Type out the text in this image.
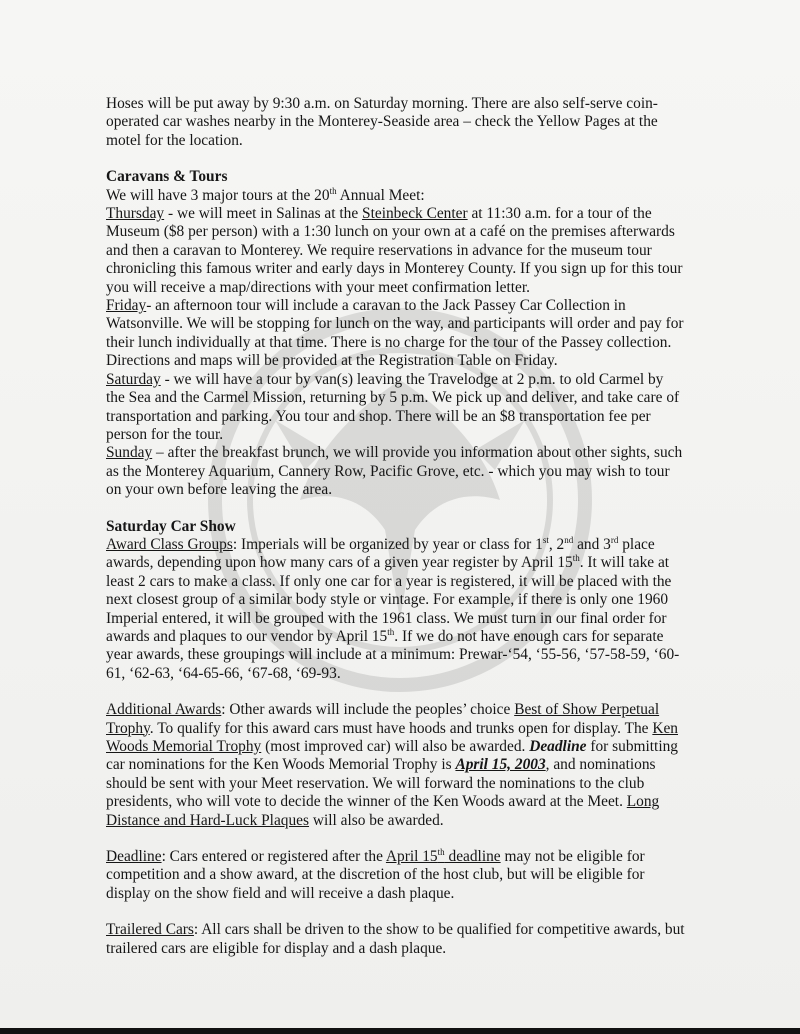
Hoses will be put away by 9:30 a.m. on Saturday morning. There are also self-serve coin-operated car washes nearby in the Monterey-Seaside area – check the Yellow Pages at the motel for the location.

Caravans & Tours

We will have 3 major tours at the 20th Annual Meet:

Thursday - we will meet in Salinas at the Steinbeck Center at 11:30 a.m. for a tour of the Museum ($8 per person) with a 1:30 lunch on your own at a café on the premises afterwards and then a caravan to Monterey. We require reservations in advance for the museum tour chronicling this famous writer and early days in Monterey County. If you sign up for this tour you will receive a map/directions with your meet confirmation letter.

Friday- an afternoon tour will include a caravan to the Jack Passey Car Collection in Watsonville. We will be stopping for lunch on the way, and participants will order and pay for their lunch individually at that time. There is no charge for the tour of the Passey collection. Directions and maps will be provided at the Registration Table on Friday.

Saturday - we will have a tour by van(s) leaving the Travelodge at 2 p.m. to old Carmel by the Sea and the Carmel Mission, returning by 5 p.m. We pick up and deliver, and take care of transportation and parking. You tour and shop. There will be an $8 transportation fee per person for the tour.

Sunday – after the breakfast brunch, we will provide you information about other sights, such as the Monterey Aquarium, Cannery Row, Pacific Grove, etc. - which you may wish to tour on your own before leaving the area.

Saturday Car Show

Award Class Groups: Imperials will be organized by year or class for 1st, 2nd and 3rd place awards, depending upon how many cars of a given year register by April 15th. It will take at least 2 cars to make a class. If only one car for a year is registered, it will be placed with the next closest group of a similar body style or vintage. For example, if there is only one 1960 Imperial entered, it will be grouped with the 1961 class. We must turn in our final order for awards and plaques to our vendor by April 15th. If we do not have enough cars for separate year awards, these groupings will include at a minimum: Prewar-‘54, ‘55-56, ‘57-58-59, ‘60-61, ‘62-63, ‘64-65-66, ‘67-68, ‘69-93.

Additional Awards: Other awards will include the peoples’ choice Best of Show Perpetual Trophy. To qualify for this award cars must have hoods and trunks open for display. The Ken Woods Memorial Trophy (most improved car) will also be awarded. Deadline for submitting car nominations for the Ken Woods Memorial Trophy is April 15, 2003, and nominations should be sent with your Meet reservation. We will forward the nominations to the club presidents, who will vote to decide the winner of the Ken Woods award at the Meet. Long Distance and Hard-Luck Plaques will also be awarded.

Deadline: Cars entered or registered after the April 15th deadline may not be eligible for competition and a show award, at the discretion of the host club, but will be eligible for display on the show field and will receive a dash plaque.

Trailered Cars: All cars shall be driven to the show to be qualified for competitive awards, but trailered cars are eligible for display and a dash plaque.
